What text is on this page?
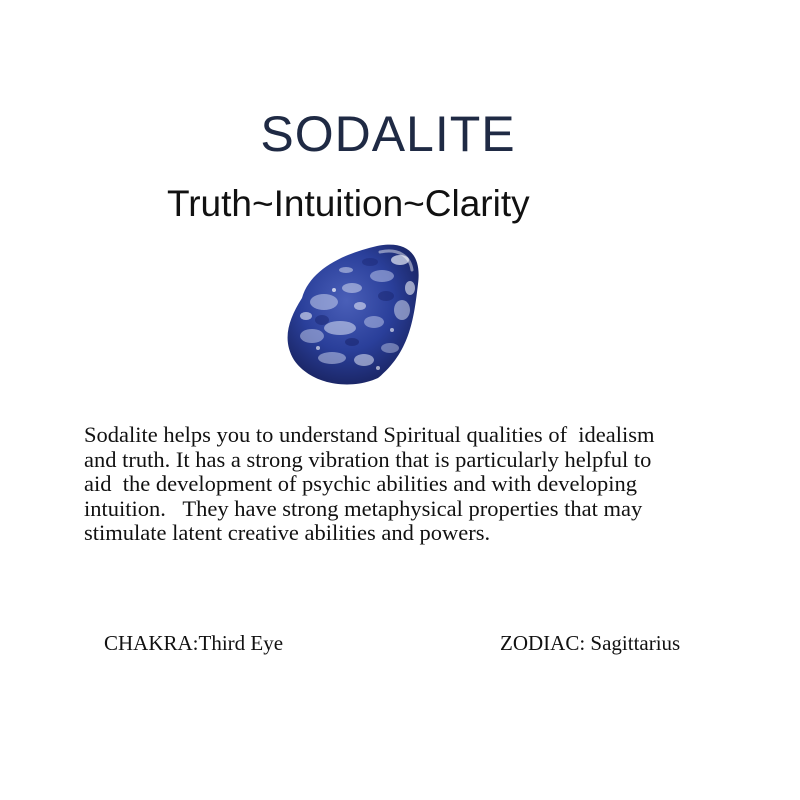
SODALITE

Truth~Intuition~Clarity

Sodalite helps you to understand Spiritual qualities of  idealism
and truth. It has a strong vibration that is particularly helpful to
aid  the development of psychic abilities and with developing
intuition.   They have strong metaphysical properties that may
stimulate latent creative abilities and powers.

CHAKRA:Third Eye	ZODIAC: Sagittarius
